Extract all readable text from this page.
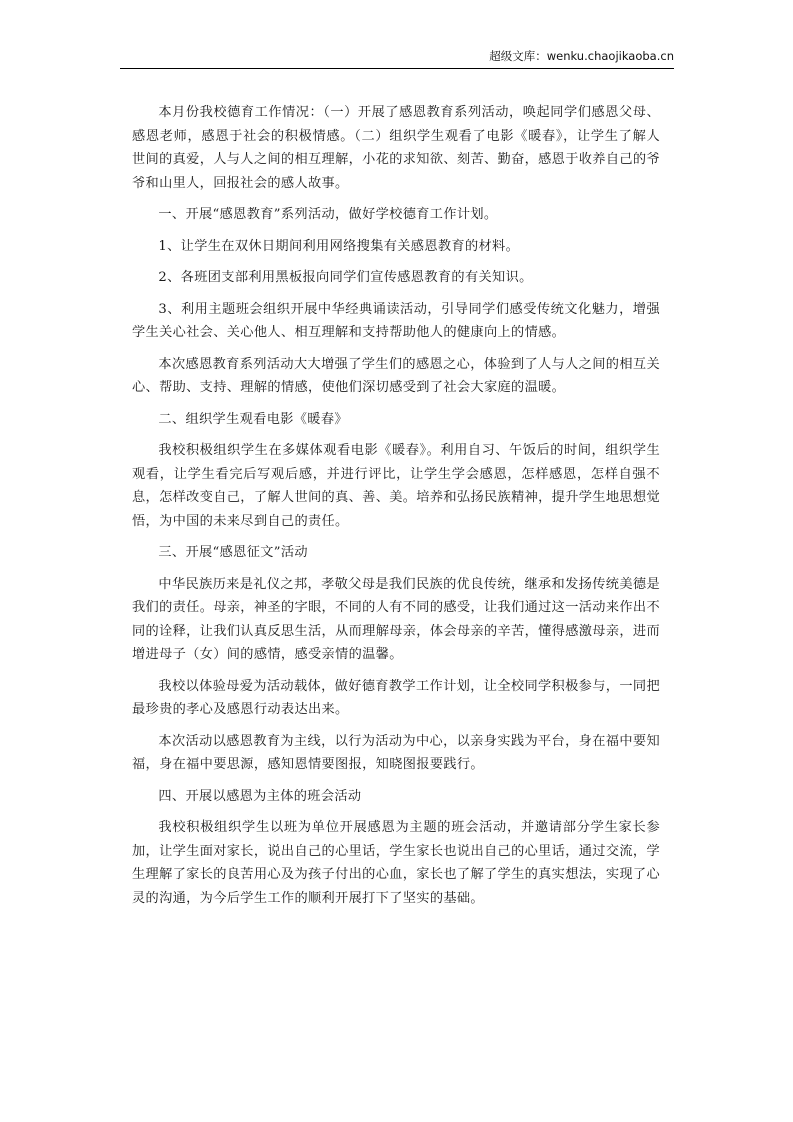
超级文库：wenku.chaojikaoba.cn

本月份我校德育工作情况：（一）开展了感恩教育系列活动，唤起同学们感恩父母、感恩老师，感恩于社会的积极情感。（二）组织学生观看了电影《暖春》，让学生了解人世间的真爱，人与人之间的相互理解，小花的求知欲、刻苦、勤奋，感恩于收养自己的爷爷和山里人，回报社会的感人故事。

一、开展“感恩教育”系列活动，做好学校德育工作计划。

1、让学生在双休日期间利用网络搜集有关感恩教育的材料。

2、各班团支部利用黑板报向同学们宣传感恩教育的有关知识。

3、利用主题班会组织开展中华经典诵读活动，引导同学们感受传统文化魅力，增强学生关心社会、关心他人、相互理解和支持帮助他人的健康向上的情感。

本次感恩教育系列活动大大增强了学生们的感恩之心，体验到了人与人之间的相互关心、帮助、支持、理解的情感，使他们深切感受到了社会大家庭的温暖。

二、组织学生观看电影《暖春》

我校积极组织学生在多媒体观看电影《暖春》。利用自习、午饭后的时间，组织学生观看，让学生看完后写观后感，并进行评比，让学生学会感恩，怎样感恩，怎样自强不息，怎样改变自己，了解人世间的真、善、美。培养和弘扬民族精神，提升学生地思想觉悟，为中国的未来尽到自己的责任。

三、开展“感恩征文”活动

中华民族历来是礼仪之邦，孝敬父母是我们民族的优良传统，继承和发扬传统美德是我们的责任。母亲，神圣的字眼，不同的人有不同的感受，让我们通过这一活动来作出不同的诠释，让我们认真反思生活，从而理解母亲，体会母亲的辛苦，懂得感激母亲，进而增进母子（女）间的感情，感受亲情的温馨。

我校以体验母爱为活动载体，做好德育教学工作计划，让全校同学积极参与，一同把最珍贵的孝心及感恩行动表达出来。

本次活动以感恩教育为主线，以行为活动为中心，以亲身实践为平台，身在福中要知福，身在福中要思源，感知恩情要图报，知晓图报要践行。

四、开展以感恩为主体的班会活动

我校积极组织学生以班为单位开展感恩为主题的班会活动，并邀请部分学生家长参加，让学生面对家长，说出自己的心里话，学生家长也说出自己的心里话，通过交流，学生理解了家长的良苦用心及为孩子付出的心血，家长也了解了学生的真实想法，实现了心灵的沟通，为今后学生工作的顺利开展打下了坚实的基础。
